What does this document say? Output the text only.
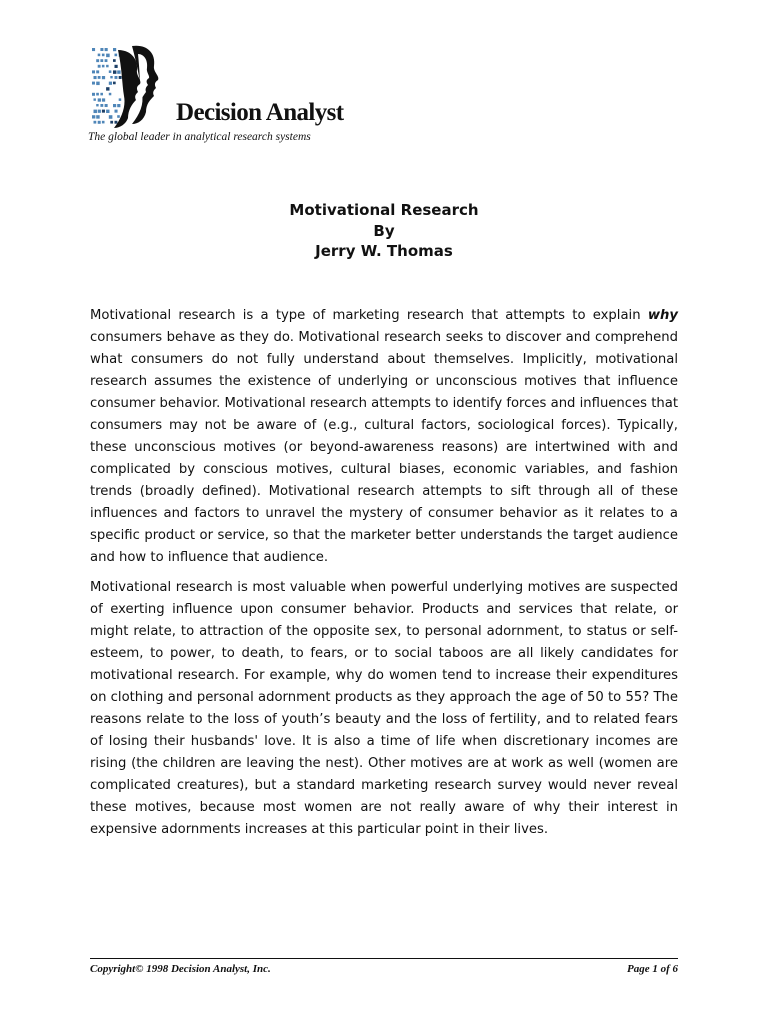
Decision Analyst
The global leader in analytical research systems
Motivational Research
By
Jerry W. Thomas

Motivational research is a type of marketing research that attempts to explain why consumers behave as they do. Motivational research seeks to discover and comprehend what consumers do not fully understand about themselves. Implicitly, motivational research assumes the existence of underlying or unconscious motives that influence consumer behavior. Motivational research attempts to identify forces and influences that consumers may not be aware of (e.g., cultural factors, sociological forces). Typically, these unconscious motives (or beyond-awareness reasons) are intertwined with and complicated by conscious motives, cultural biases, economic variables, and fashion trends (broadly defined). Motivational research attempts to sift through all of these influences and factors to unravel the mystery of consumer behavior as it relates to a specific product or service, so that the marketer better understands the target audience and how to influence that audience.

Motivational research is most valuable when powerful underlying motives are suspected of exerting influence upon consumer behavior. Products and services that relate, or might relate, to attraction of the opposite sex, to personal adornment, to status or self-esteem, to power, to death, to fears, or to social taboos are all likely candidates for motivational research. For example, why do women tend to increase their expenditures on clothing and personal adornment products as they approach the age of 50 to 55? The reasons relate to the loss of youth’s beauty and the loss of fertility, and to related fears of losing their husbands' love. It is also a time of life when discretionary incomes are rising (the children are leaving the nest). Other motives are at work as well (women are complicated creatures), but a standard marketing research survey would never reveal these motives, because most women are not really aware of why their interest in expensive adornments increases at this particular point in their lives.

Copyright© 1998 Decision Analyst, Inc.	Page 1 of 6
